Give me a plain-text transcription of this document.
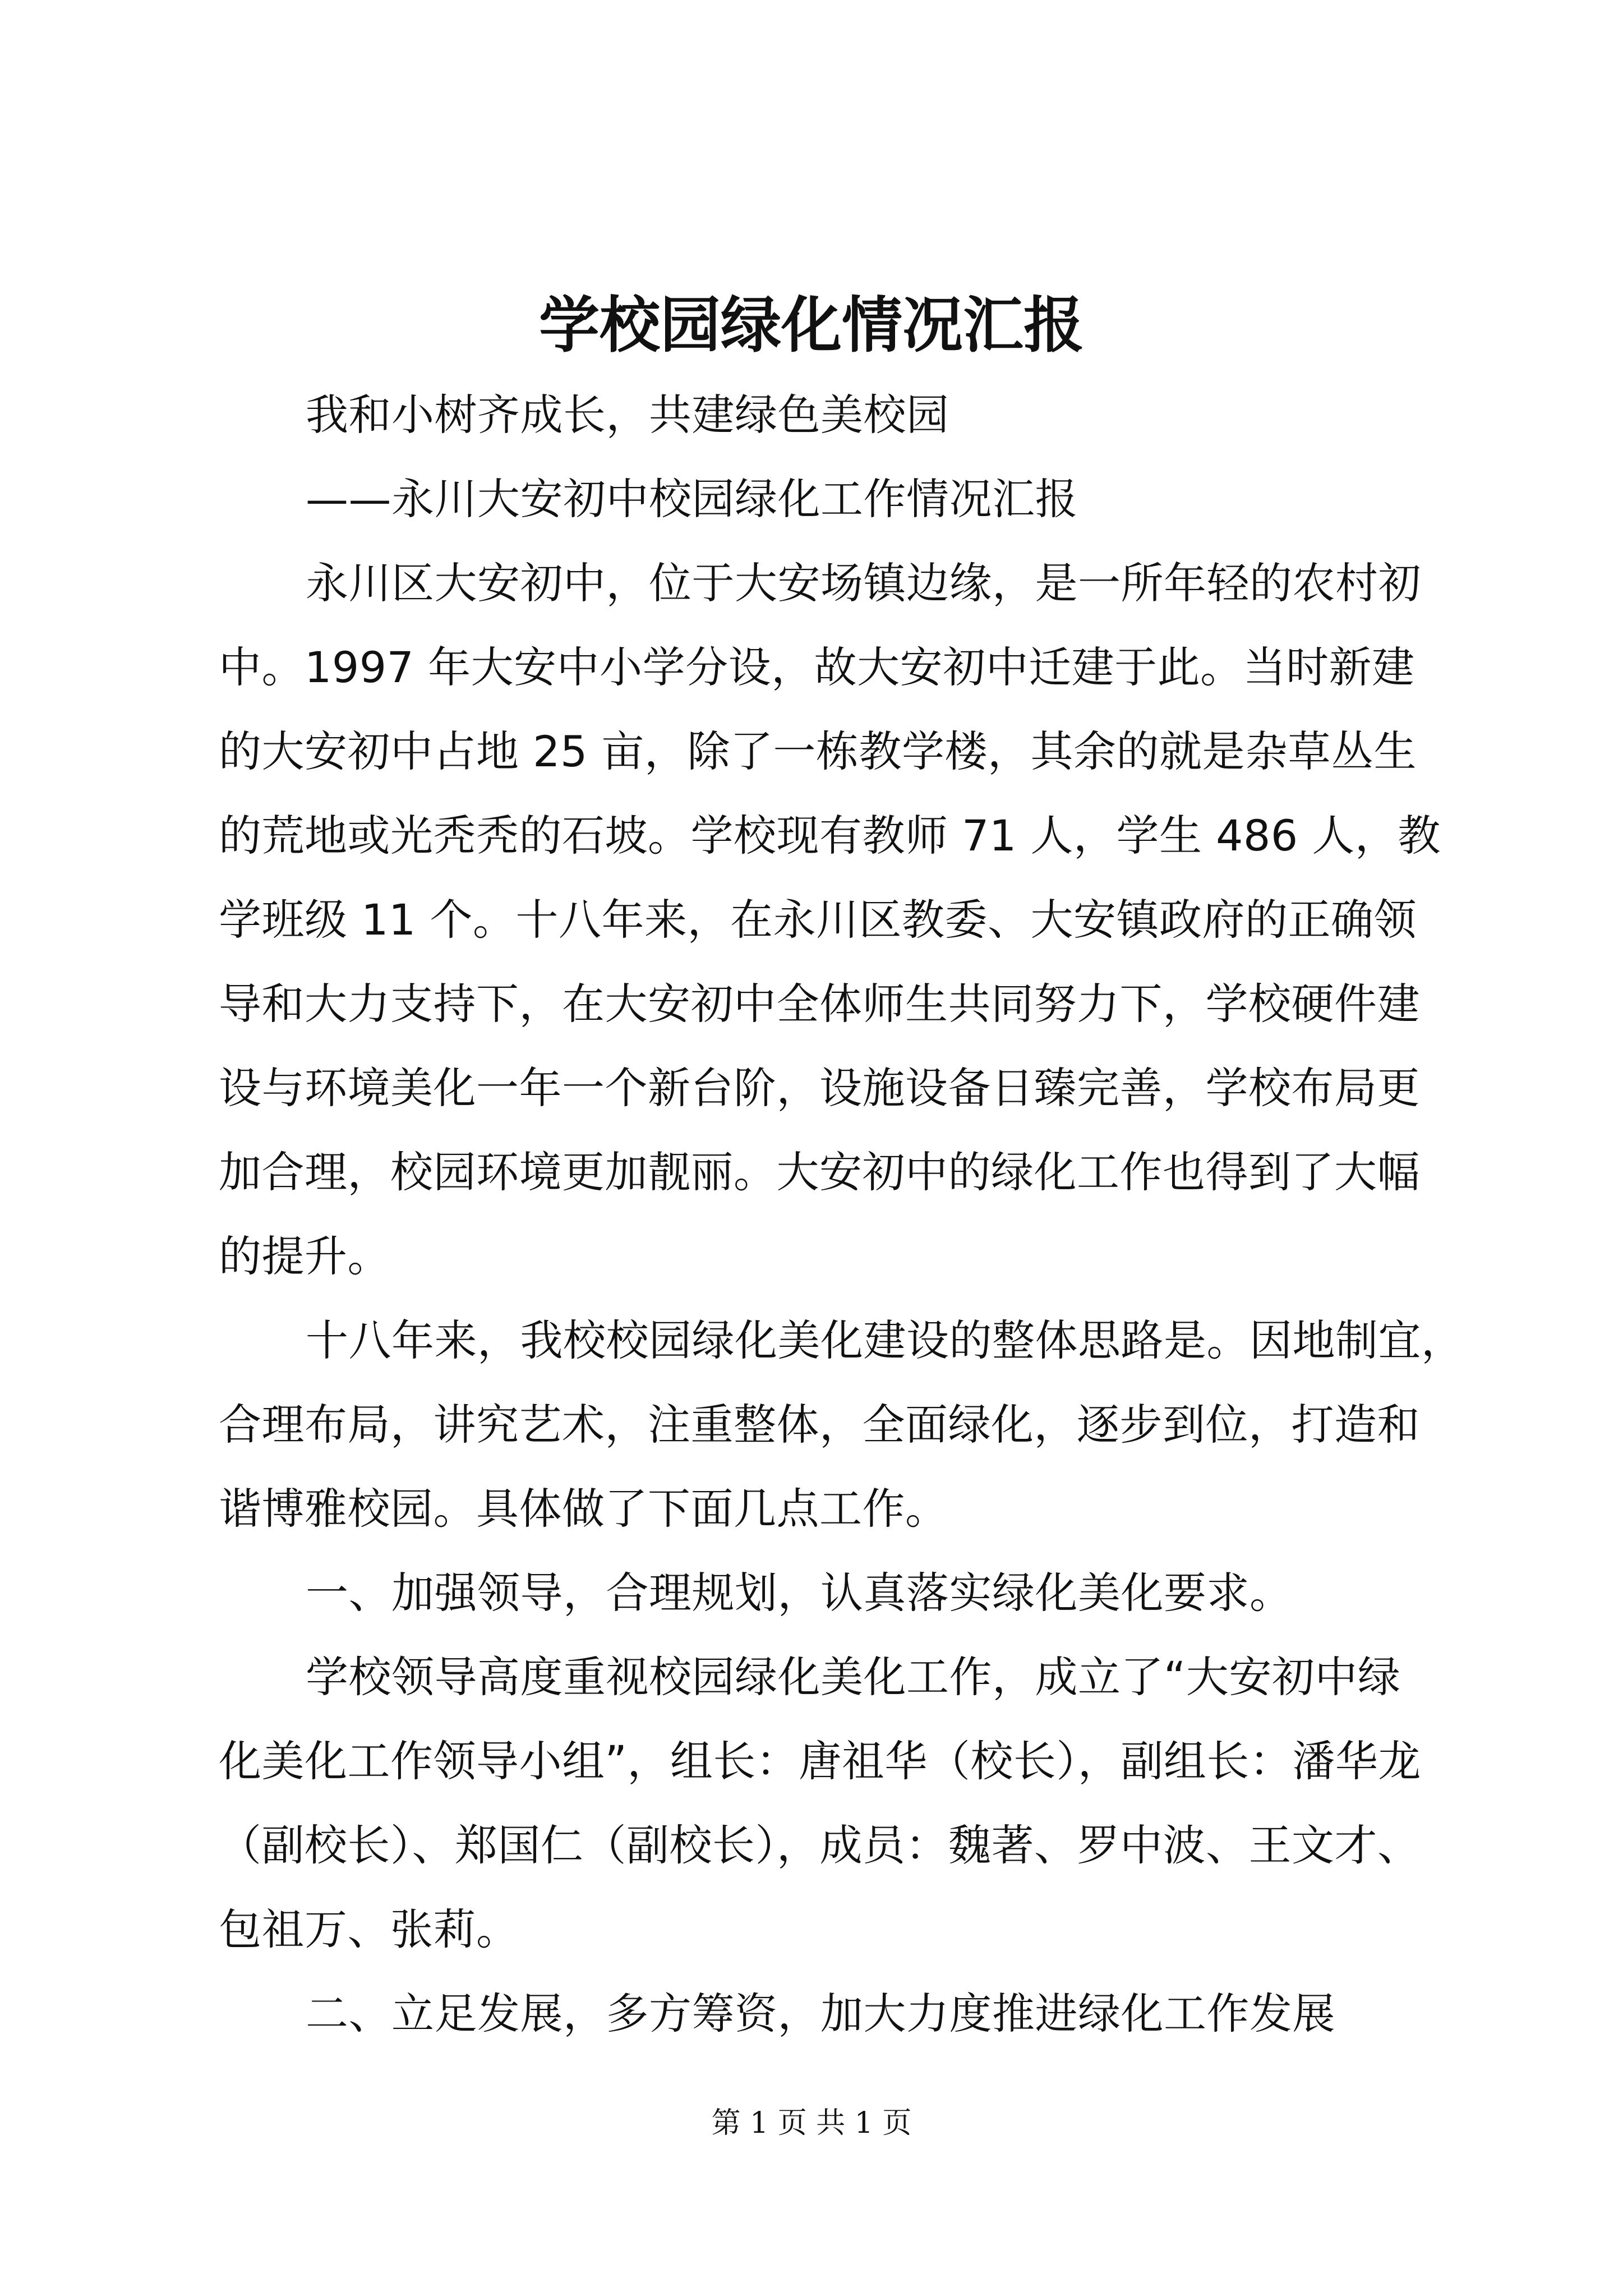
学校园绿化情况汇报
我和小树齐成长，共建绿色美校园
——永川大安初中校园绿化工作情况汇报
永川区大安初中，位于大安场镇边缘，是一所年轻的农村初
中。1997 年大安中小学分设，故大安初中迁建于此。当时新建
的大安初中占地 25 亩，除了一栋教学楼，其余的就是杂草丛生
的荒地或光秃秃的石坡。学校现有教师 71 人，学生 486 人，教
学班级 11 个。十八年来，在永川区教委、大安镇政府的正确领
导和大力支持下，在大安初中全体师生共同努力下，学校硬件建
设与环境美化一年一个新台阶，设施设备日臻完善，学校布局更
加合理，校园环境更加靓丽。大安初中的绿化工作也得到了大幅
的提升。
十八年来，我校校园绿化美化建设的整体思路是。因地制宜，
合理布局，讲究艺术，注重整体，全面绿化，逐步到位，打造和
谐博雅校园。具体做了下面几点工作。
一、加强领导，合理规划，认真落实绿化美化要求。
学校领导高度重视校园绿化美化工作，成立了“大安初中绿
化美化工作领导小组”，组长：唐祖华（校长），副组长：潘华龙
（副校长）、郑国仁（副校长），成员：魏著、罗中波、王文才、
包祖万、张莉。
二、立足发展，多方筹资，加大力度推进绿化工作发展
第 1 页 共 1 页
